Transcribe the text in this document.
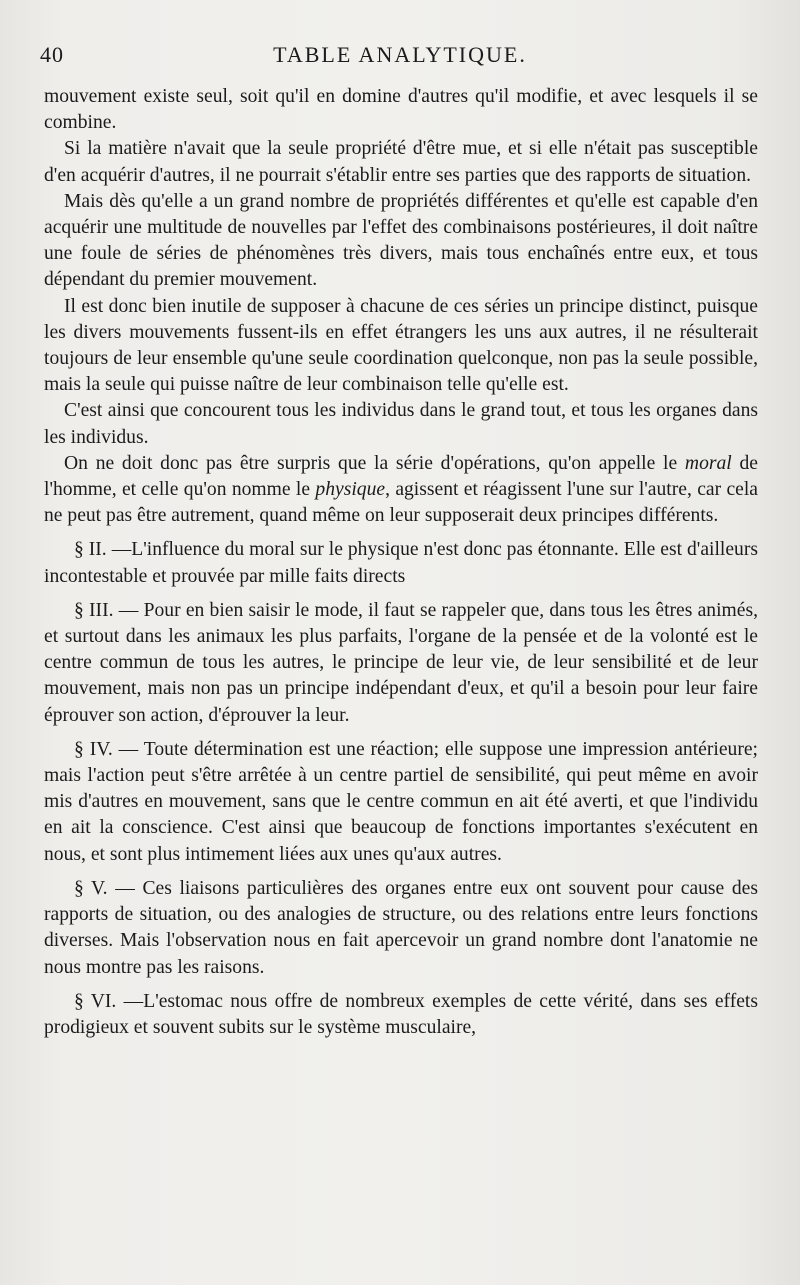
40	TABLE ANALYTIQUE.

mouvement existe seul, soit qu'il en domine d'autres qu'il modifie, et avec lesquels il se combine.

Si la matière n'avait que la seule propriété d'être mue, et si elle n'était pas susceptible d'en acquérir d'autres, il ne pourrait s'établir entre ses parties que des rapports de situation.

Mais dès qu'elle a un grand nombre de propriétés différentes et qu'elle est capable d'en acquérir une multitude de nouvelles par l'effet des combinaisons postérieures, il doit naître une foule de séries de phénomènes très divers, mais tous enchaînés entre eux, et tous dépendant du premier mouvement.

Il est donc bien inutile de supposer à chacune de ces séries un principe distinct, puisque les divers mouvements fussent-ils en effet étrangers les uns aux autres, il ne résulterait toujours de leur ensemble qu'une seule coordination quelconque, non pas la seule possible, mais la seule qui puisse naître de leur combinaison telle qu'elle est.

C'est ainsi que concourent tous les individus dans le grand tout, et tous les organes dans les individus.

On ne doit donc pas être surpris que la série d'opérations, qu'on appelle le moral de l'homme, et celle qu'on nomme le physique, agissent et réagissent l'une sur l'autre, car cela ne peut pas être autrement, quand même on leur supposerait deux principes différents.

§ II. —L'influence du moral sur le physique n'est donc pas étonnante. Elle est d'ailleurs incontestable et prouvée par mille faits directs

§ III. — Pour en bien saisir le mode, il faut se rappeler que, dans tous les êtres animés, et surtout dans les animaux les plus parfaits, l'organe de la pensée et de la volonté est le centre commun de tous les autres, le principe de leur vie, de leur sensibilité et de leur mouvement, mais non pas un principe indépendant d'eux, et qu'il a besoin pour leur faire éprouver son action, d'éprouver la leur.

§ IV. — Toute détermination est une réaction; elle suppose une impression antérieure; mais l'action peut s'être arrêtée à un centre partiel de sensibilité, qui peut même en avoir mis d'autres en mouvement, sans que le centre commun en ait été averti, et que l'individu en ait la conscience. C'est ainsi que beaucoup de fonctions importantes s'exécutent en nous, et sont plus intimement liées aux unes qu'aux autres.

§ V. — Ces liaisons particulières des organes entre eux ont souvent pour cause des rapports de situation, ou des analogies de structure, ou des relations entre leurs fonctions diverses. Mais l'observation nous en fait apercevoir un grand nombre dont l'anatomie ne nous montre pas les raisons.

§ VI. —L'estomac nous offre de nombreux exemples de cette vérité, dans ses effets prodigieux et souvent subits sur le système musculaire,
